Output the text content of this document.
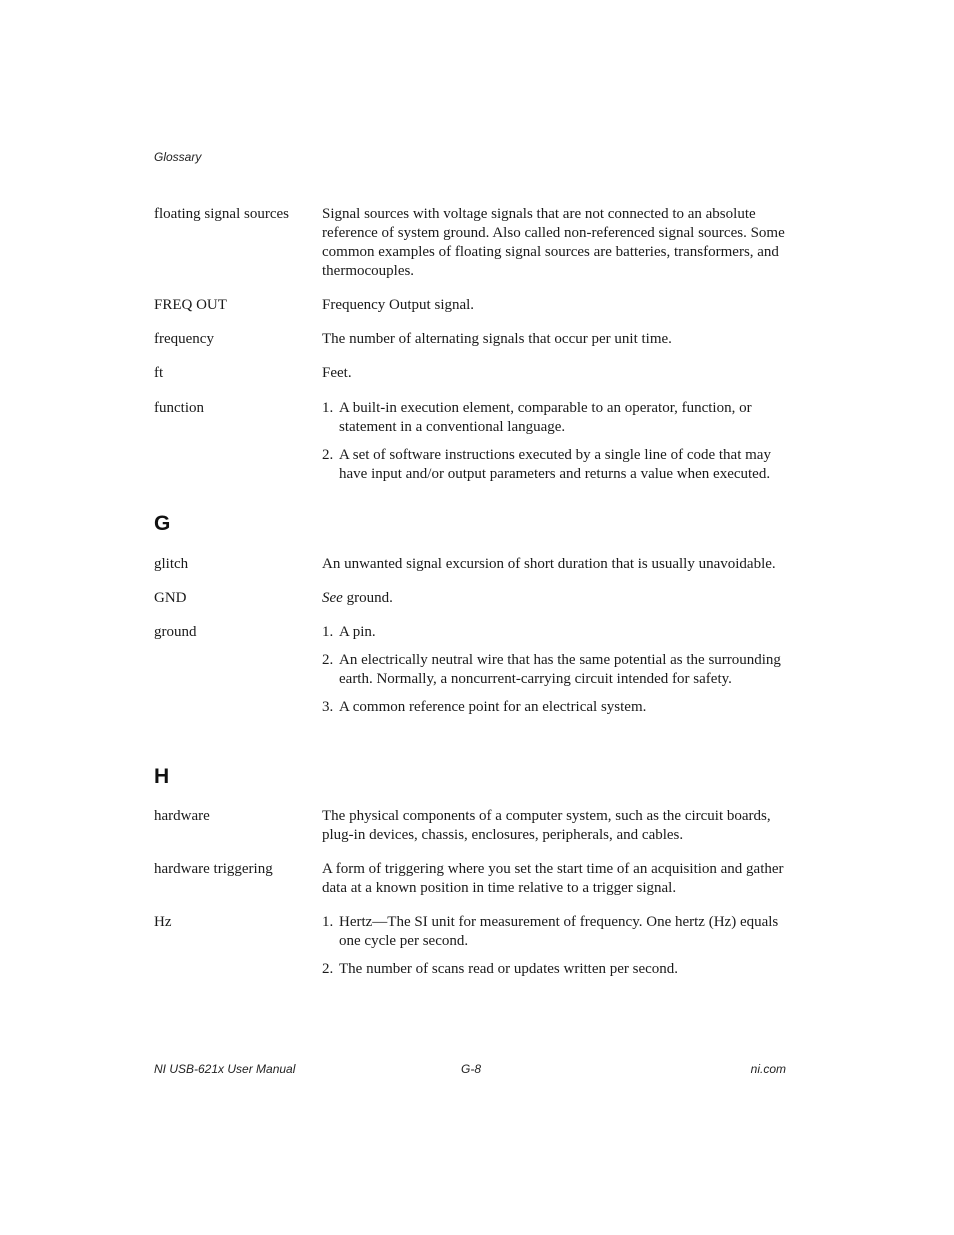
Glossary
floating signal sources	Signal sources with voltage signals that are not connected to an absolute reference of system ground. Also called non-referenced signal sources. Some common examples of floating signal sources are batteries, transformers, and thermocouples.
FREQ OUT	Frequency Output signal.
frequency	The number of alternating signals that occur per unit time.
ft	Feet.
function	1. A built-in execution element, comparable to an operator, function, or statement in a conventional language.
2. A set of software instructions executed by a single line of code that may have input and/or output parameters and returns a value when executed.
G
glitch	An unwanted signal excursion of short duration that is usually unavoidable.
GND	See ground.
ground	1. A pin.
2. An electrically neutral wire that has the same potential as the surrounding earth. Normally, a noncurrent-carrying circuit intended for safety.
3. A common reference point for an electrical system.
H
hardware	The physical components of a computer system, such as the circuit boards, plug-in devices, chassis, enclosures, peripherals, and cables.
hardware triggering	A form of triggering where you set the start time of an acquisition and gather data at a known position in time relative to a trigger signal.
Hz	1. Hertz—The SI unit for measurement of frequency. One hertz (Hz) equals one cycle per second.
2. The number of scans read or updates written per second.
NI USB-621x User Manual	G-8	ni.com
